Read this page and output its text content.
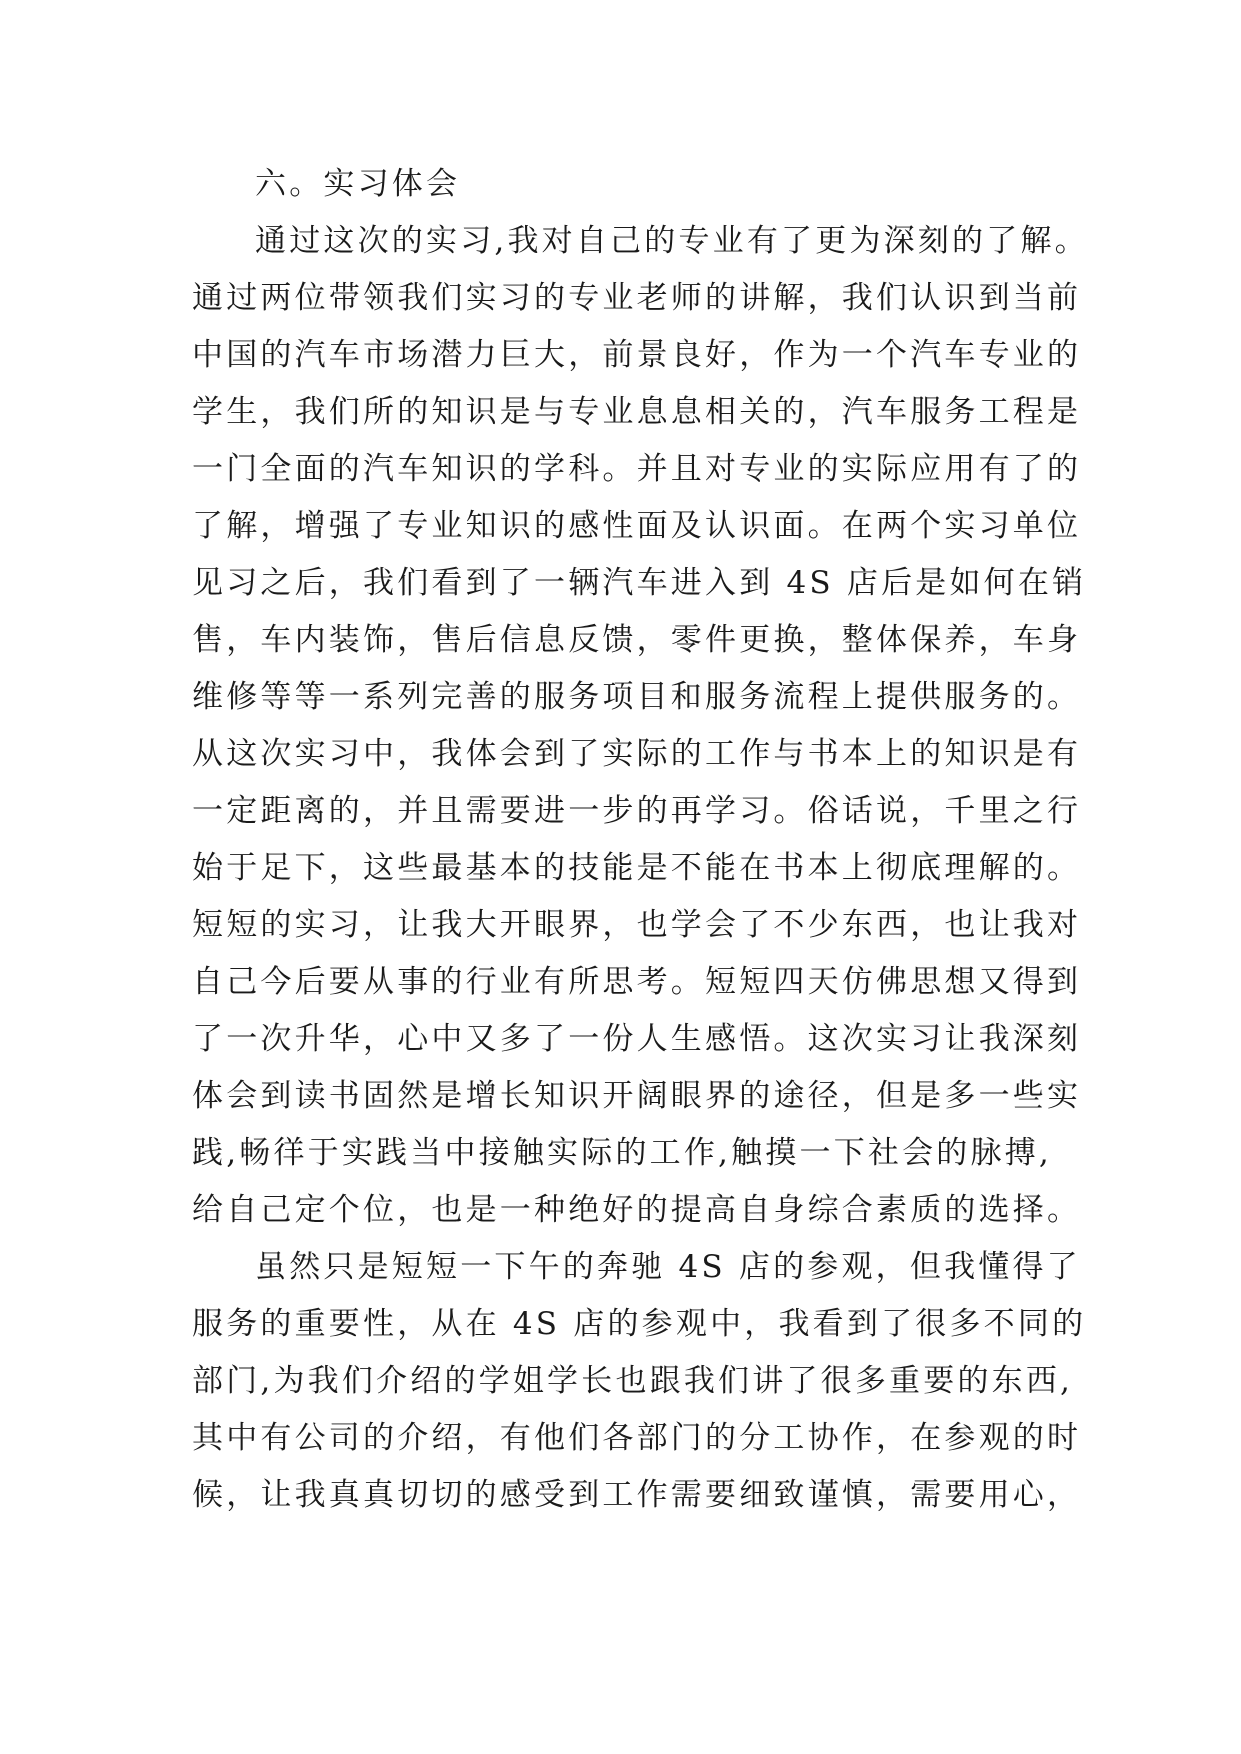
六。实习体会
通过这次的实习,我对自己的专业有了更为深刻的了解。
通过两位带领我们实习的专业老师的讲解，我们认识到当前
中国的汽车市场潜力巨大，前景良好，作为一个汽车专业的
学生，我们所的知识是与专业息息相关的，汽车服务工程是
一门全面的汽车知识的学科。并且对专业的实际应用有了的
了解，增强了专业知识的感性面及认识面。在两个实习单位
见习之后，我们看到了一辆汽车进入到 4S 店后是如何在销
售，车内装饰，售后信息反馈，零件更换，整体保养，车身
维修等等一系列完善的服务项目和服务流程上提供服务的。
从这次实习中，我体会到了实际的工作与书本上的知识是有
一定距离的，并且需要进一步的再学习。俗话说，千里之行
始于足下，这些最基本的技能是不能在书本上彻底理解的。
短短的实习，让我大开眼界，也学会了不少东西，也让我对
自己今后要从事的行业有所思考。短短四天仿佛思想又得到
了一次升华，心中又多了一份人生感悟。这次实习让我深刻
体会到读书固然是增长知识开阔眼界的途径，但是多一些实
践,畅徉于实践当中接触实际的工作,触摸一下社会的脉搏,
给自己定个位，也是一种绝好的提高自身综合素质的选择。
虽然只是短短一下午的奔驰 4S 店的参观，但我懂得了
服务的重要性，从在 4S 店的参观中，我看到了很多不同的
部门,为我们介绍的学姐学长也跟我们讲了很多重要的东西,
其中有公司的介绍，有他们各部门的分工协作，在参观的时
候，让我真真切切的感受到工作需要细致谨慎，需要用心，
